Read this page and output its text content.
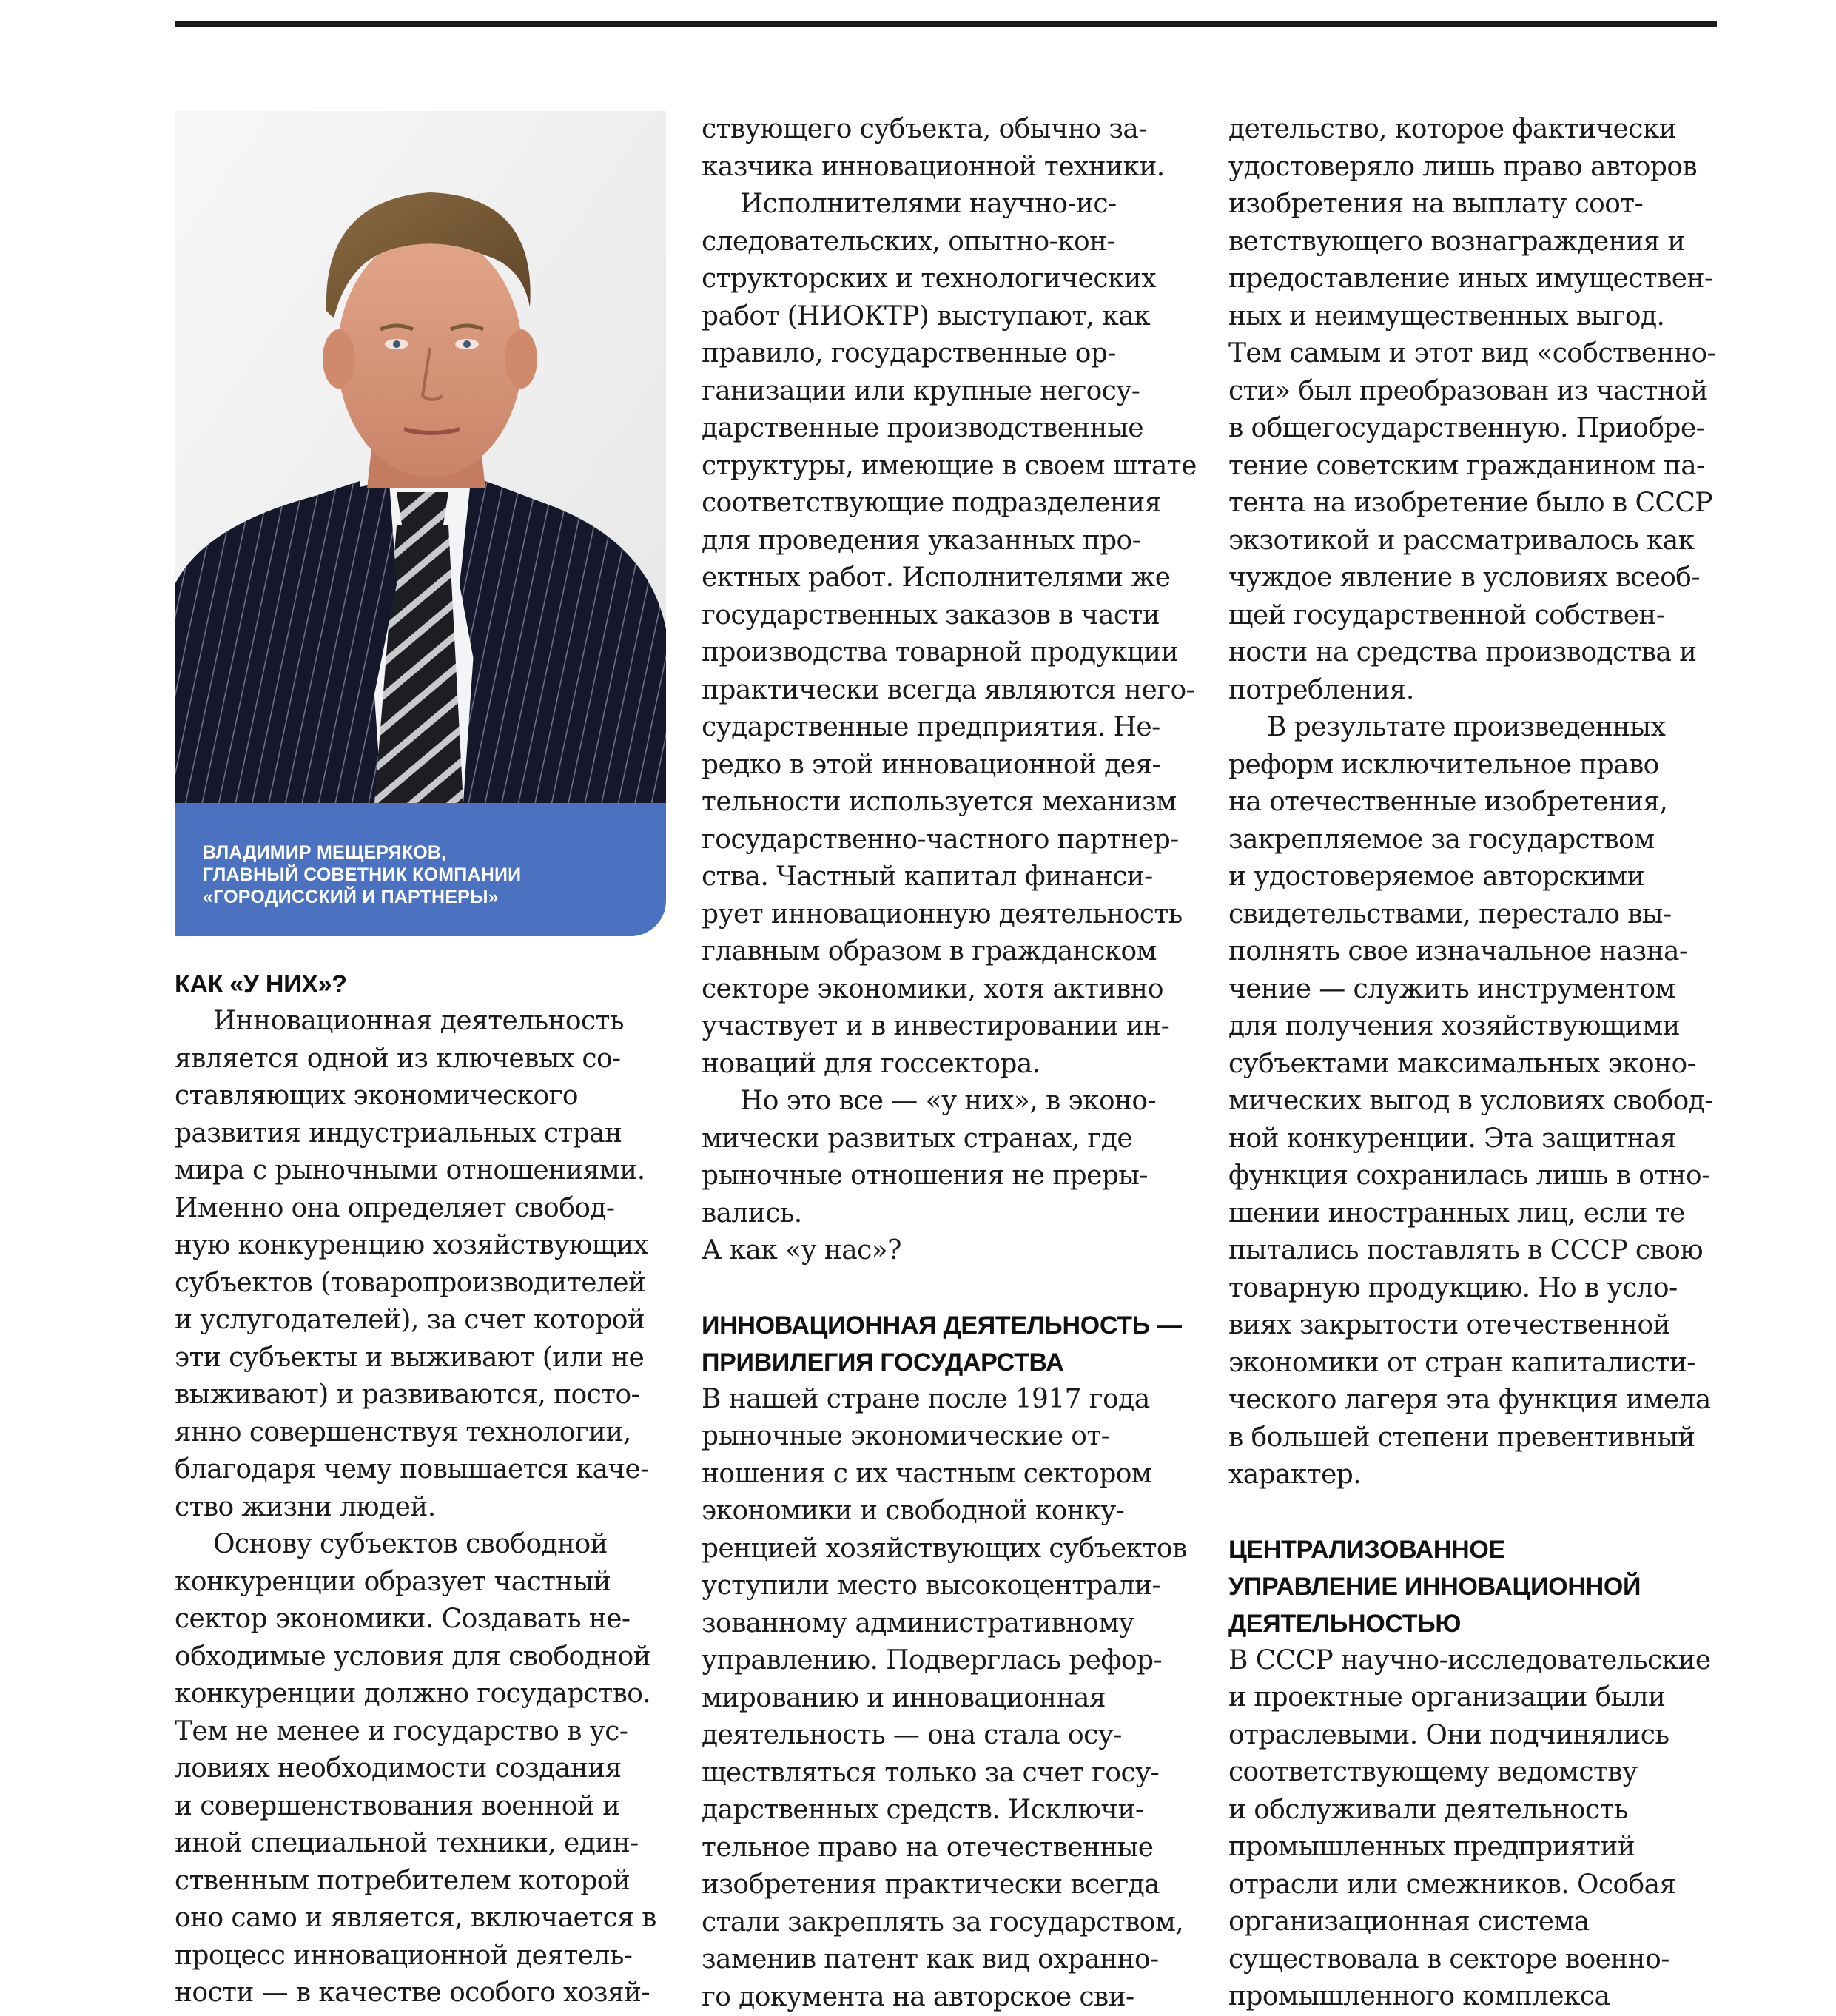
ВЛАДИМИР МЕЩЕРЯКОВ,
ГЛАВНЫЙ СОВЕТНИК КОМПАНИИ
«ГОРОДИССКИЙ И ПАРТНЕРЫ»
КАК «У НИХ»?
Инновационная деятельность
является одной из ключевых со-
ставляющих экономического
развития индустриальных стран
мира с рыночными отношениями.
Именно она определяет свобод-
ную конкуренцию хозяйствующих
субъектов (товаропроизводителей
и услугодателей), за счет которой
эти субъекты и выживают (или не
выживают) и развиваются, посто-
янно совершенствуя технологии,
благодаря чему повышается каче-
ство жизни людей.
Основу субъектов свободной
конкуренции образует частный
сектор экономики. Создавать не-
обходимые условия для свободной
конкуренции должно государство.
Тем не менее и государство в ус-
ловиях необходимости создания
и совершенствования военной и
иной специальной техники, един-
ственным потребителем которой
оно само и является, включается в
процесс инновационной деятель-
ности — в качестве особого хозяй-
ствующего субъекта, обычно за-
казчика инновационной техники.
Исполнителями научно-ис-
следовательских, опытно-кон-
структорских и технологических
работ (НИОКТР) выступают, как
правило, государственные ор-
ганизации или крупные негосу-
дарственные производственные
структуры, имеющие в своем штате
соответствующие подразделения
для проведения указанных про-
ектных работ. Исполнителями же
государственных заказов в части
производства товарной продукции
практически всегда являются него-
сударственные предприятия. Не-
редко в этой инновационной дея-
тельности используется механизм
государственно-частного партнер-
ства. Частный капитал финанси-
рует инновационную деятельность
главным образом в гражданском
секторе экономики, хотя активно
участвует и в инвестировании ин-
новаций для госсектора.
Но это все — «у них», в эконо-
мически развитых странах, где
рыночные отношения не преры-
вались.
А как «у нас»?
ИННОВАЦИОННАЯ ДЕЯТЕЛЬНОСТЬ —
ПРИВИЛЕГИЯ ГОСУДАРСТВА
В нашей стране после 1917 года
рыночные экономические от-
ношения с их частным сектором
экономики и свободной конку-
ренцией хозяйствующих субъектов
уступили место высокоцентрали-
зованному административному
управлению. Подверглась рефор-
мированию и инновационная
деятельность — она стала осу-
ществляться только за счет госу-
дарственных средств. Исключи-
тельное право на отечественные
изобретения практически всегда
стали закреплять за государством,
заменив патент как вид охранно-
го документа на авторское сви-
детельство, которое фактически
удостоверяло лишь право авторов
изобретения на выплату соот-
ветствующего вознаграждения и
предоставление иных имуществен-
ных и неимущественных выгод.
Тем самым и этот вид «собственно-
сти» был преобразован из частной
в общегосударственную. Приобре-
тение советским гражданином па-
тента на изобретение было в СССР
экзотикой и рассматривалось как
чуждое явление в условиях всеоб-
щей государственной собствен-
ности на средства производства и
потребления.
В результате произведенных
реформ исключительное право
на отечественные изобретения,
закрепляемое за государством
и удостоверяемое авторскими
свидетельствами, перестало вы-
полнять свое изначальное назна-
чение — служить инструментом
для получения хозяйствующими
субъектами максимальных эконо-
мических выгод в условиях свобод-
ной конкуренции. Эта защитная
функция сохранилась лишь в отно-
шении иностранных лиц, если те
пытались поставлять в СССР свою
товарную продукцию. Но в усло-
виях закрытости отечественной
экономики от стран капиталисти-
ческого лагеря эта функция имела
в большей степени превентивный
характер.
ЦЕНТРАЛИЗОВАННОЕ
УПРАВЛЕНИЕ ИННОВАЦИОННОЙ
ДЕЯТЕЛЬНОСТЬЮ
В СССР научно-исследовательские
и проектные организации были
отраслевыми. Они подчинялись
соответствующему ведомству
и обслуживали деятельность
промышленных предприятий
отрасли или смежников. Особая
организационная система
существовала в секторе военно-
промышленного комплекса
